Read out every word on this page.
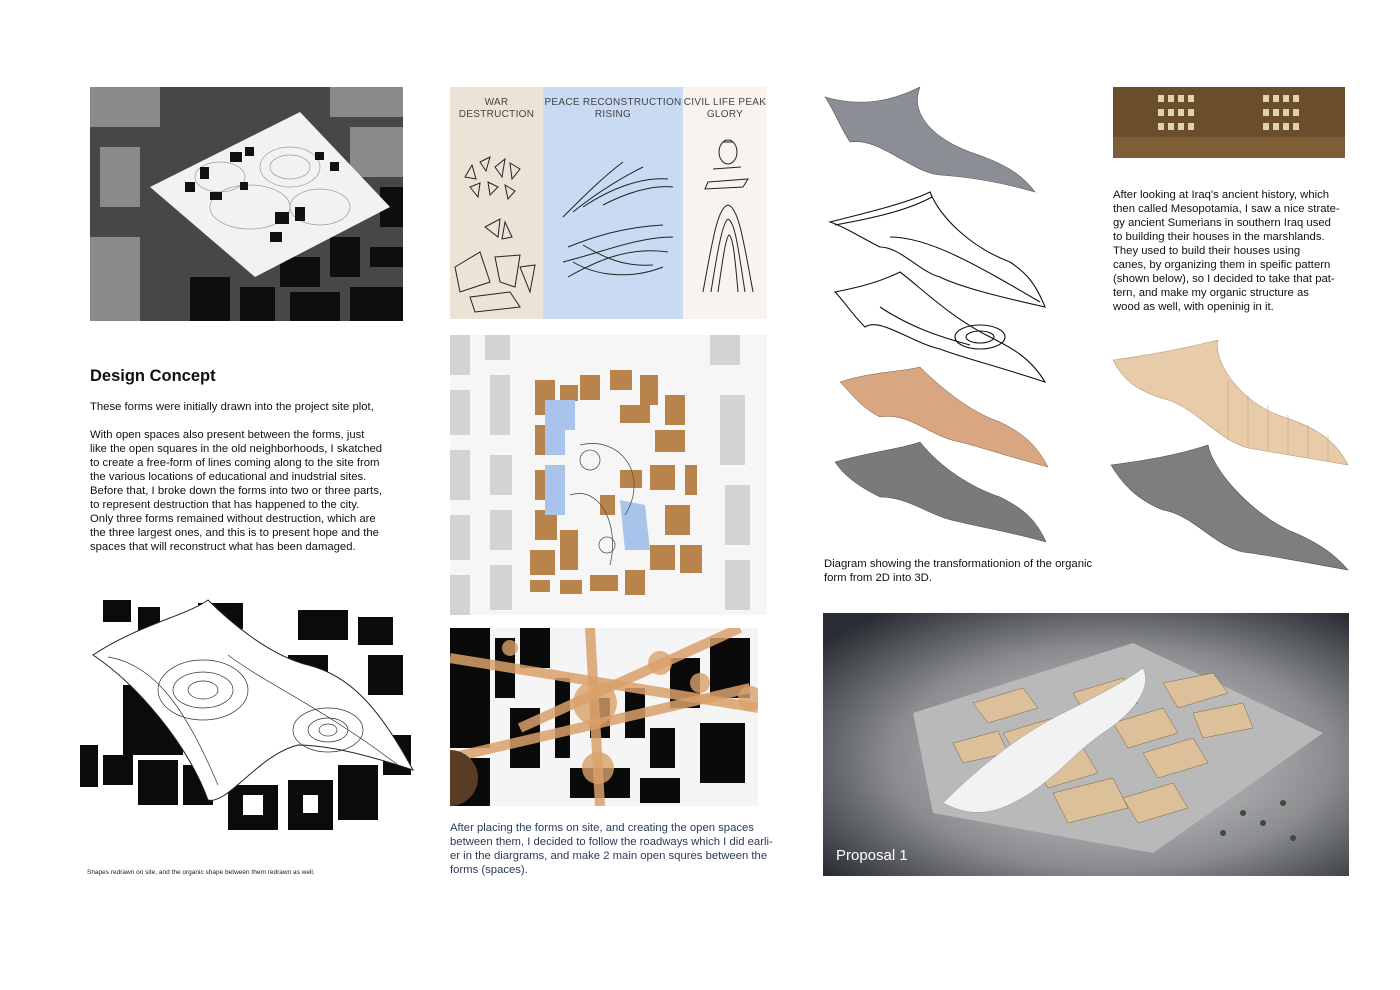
Design Concept
These forms were initially drawn into the project site plot,
With open spaces also present between the forms, just
like the open squares in the old neighborhoods, I skatched
to create a free-form of lines coming along to the site from
the various locations of educational and inudstrial sites.
Before that, I broke down the forms into two or three parts,
to represent destruction that has happened to the city.
Only three forms remained without destruction, which are
the three largest ones, and this is to present hope and the
spaces that will reconstruct what has been damaged.
Shapes redrawn on site, and the organic shape between them redrawn as well.
WAR DESTRUCTION
PEACE RECONSTRUCTION RISING
CIVIL LIFE PEAK GLORY
After placing the forms on site, and creating the open spaces
between them, I decided to follow the roadways which I did earli-
er in the diargrams, and make 2 main open squres between the
forms (spaces).
Diagram showing the transformationion of the organic
form from 2D into 3D.
After looking at Iraq's ancient history, which
then called Mesopotamia, I saw a nice strate-
gy ancient Sumerians in southern Iraq used
to building their houses in the marshlands.
They used to build their houses using
canes, by organizing them in speific pattern
(shown below), so I decided to take that pat-
tern, and make my organic structure as
wood as well, with openinig in it.
Proposal 1
